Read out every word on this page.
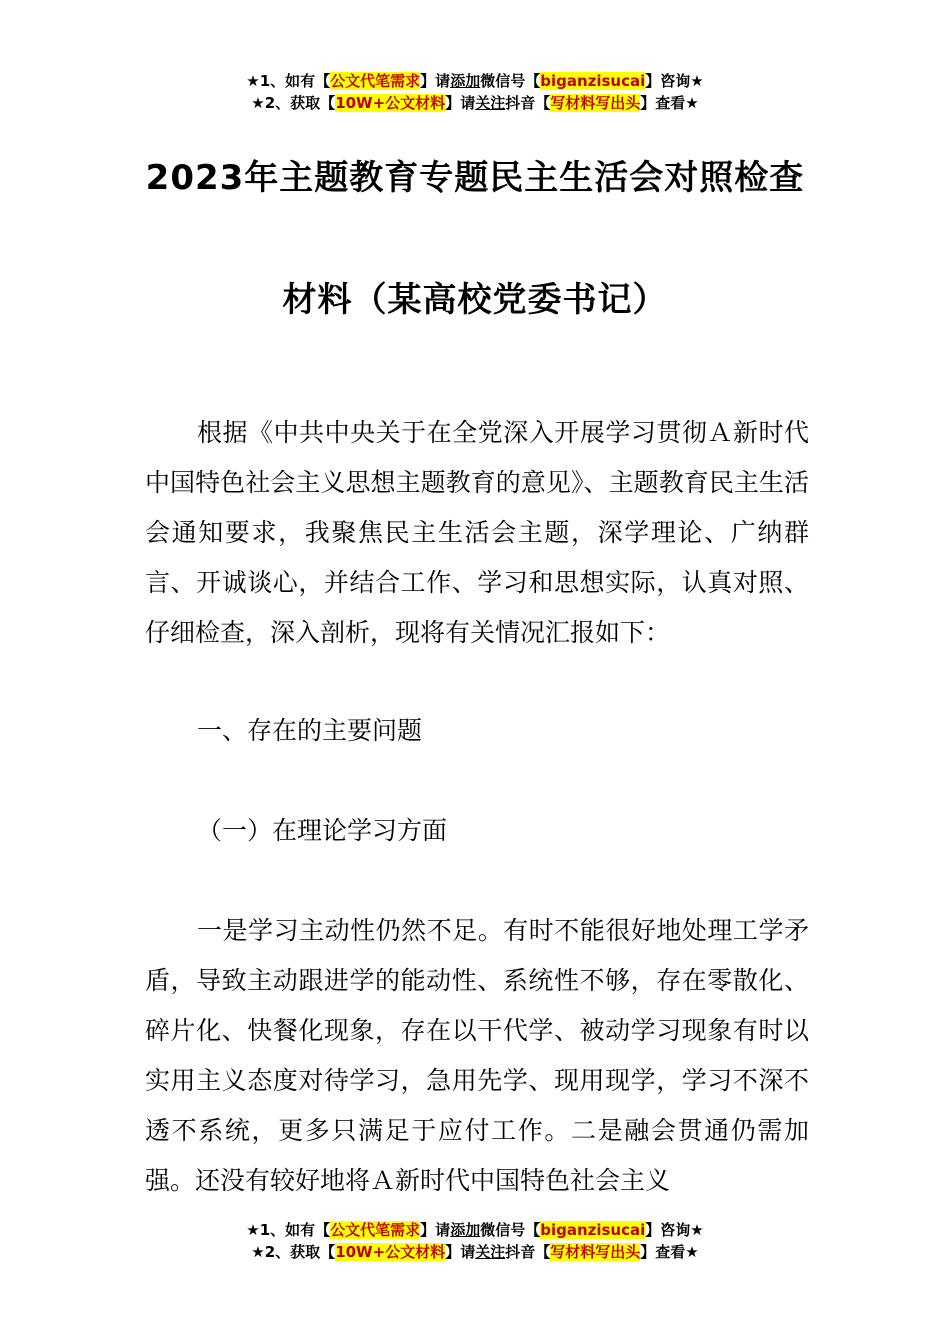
★1、如有【公文代笔需求】请添加微信号【biganzisucai】咨询★
★2、获取【10W+公文材料】请关注抖音【写材料写出头】查看★
2023年主题教育专题民主生活会对照检查
材料（某高校党委书记）

根据《中共中央关于在全党深入开展学习贯彻Ａ新时代中国特色社会主义思想主题教育的意见》、主题教育民主生活会通知要求，我聚焦民主生活会主题，深学理论、广纳群言、开诚谈心，并结合工作、学习和思想实际，认真对照、仔细检查，深入剖析，现将有关情况汇报如下：

一、存在的主要问题

（一）在理论学习方面

一是学习主动性仍然不足。有时不能很好地处理工学矛盾，导致主动跟进学的能动性、系统性不够，存在零散化、碎片化、快餐化现象，存在以干代学、被动学习现象有时以实用主义态度对待学习，急用先学、现用现学，学习不深不透不系统，更多只满足于应付工作。二是融会贯通仍需加强。还没有较好地将Ａ新时代中国特色社会主义

★1、如有【公文代笔需求】请添加微信号【biganzisucai】咨询★
★2、获取【10W+公文材料】请关注抖音【写材料写出头】查看★
